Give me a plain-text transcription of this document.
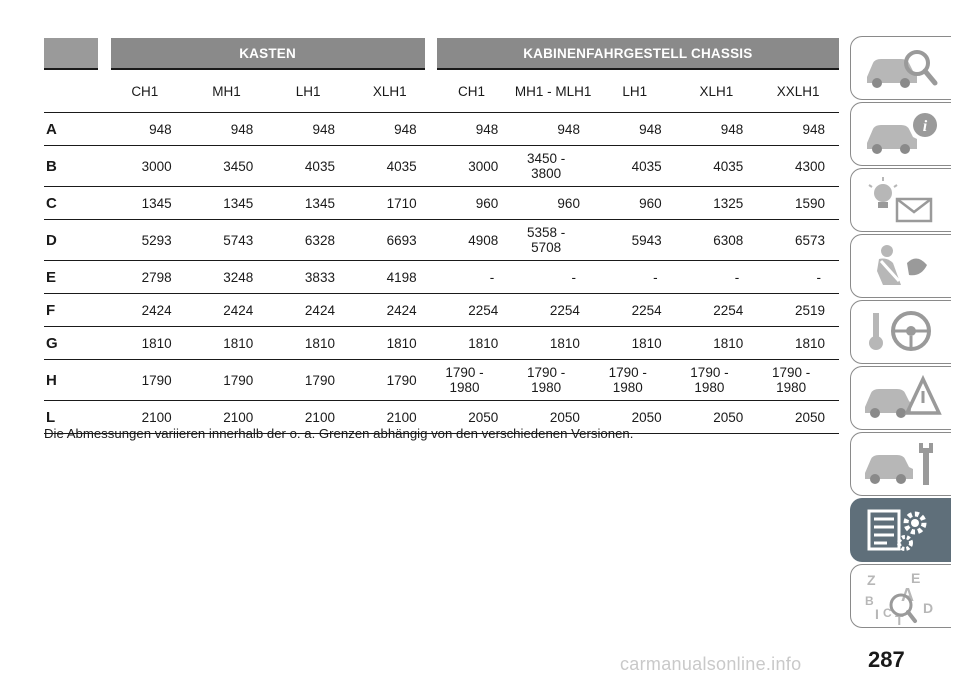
	KASTEN				KABINENFAHRGESTELL CHASSIS				
	CH1	MH1	LH1	XLH1	CH1	MH1 - MLH1	LH1	XLH1	XXLH1
A	948	948	948	948	948	948	948	948	948
B	3000	3450	4035	4035	3000	3450 - 3800	4035	4035	4300
C	1345	1345	1345	1710	960	960	960	1325	1590
D	5293	5743	6328	6693	4908	5358 - 5708	5943	6308	6573
E	2798	3248	3833	4198	-	-	-	-	-
F	2424	2424	2424	2424	2254	2254	2254	2254	2519
G	1810	1810	1810	1810	1810	1810	1810	1810	1810
H	1790	1790	1790	1790	1790 - 1980	1790 - 1980	1790 - 1980	1790 - 1980	1790 - 1980
L	2100	2100	2100	2100	2050	2050	2050	2050	2050
Die Abmessungen variieren innerhalb der o. a. Grenzen abhängig von den verschiedenen Versionen.
i
Z	E
B A
D
I C T
carmanualsonline.info	287
